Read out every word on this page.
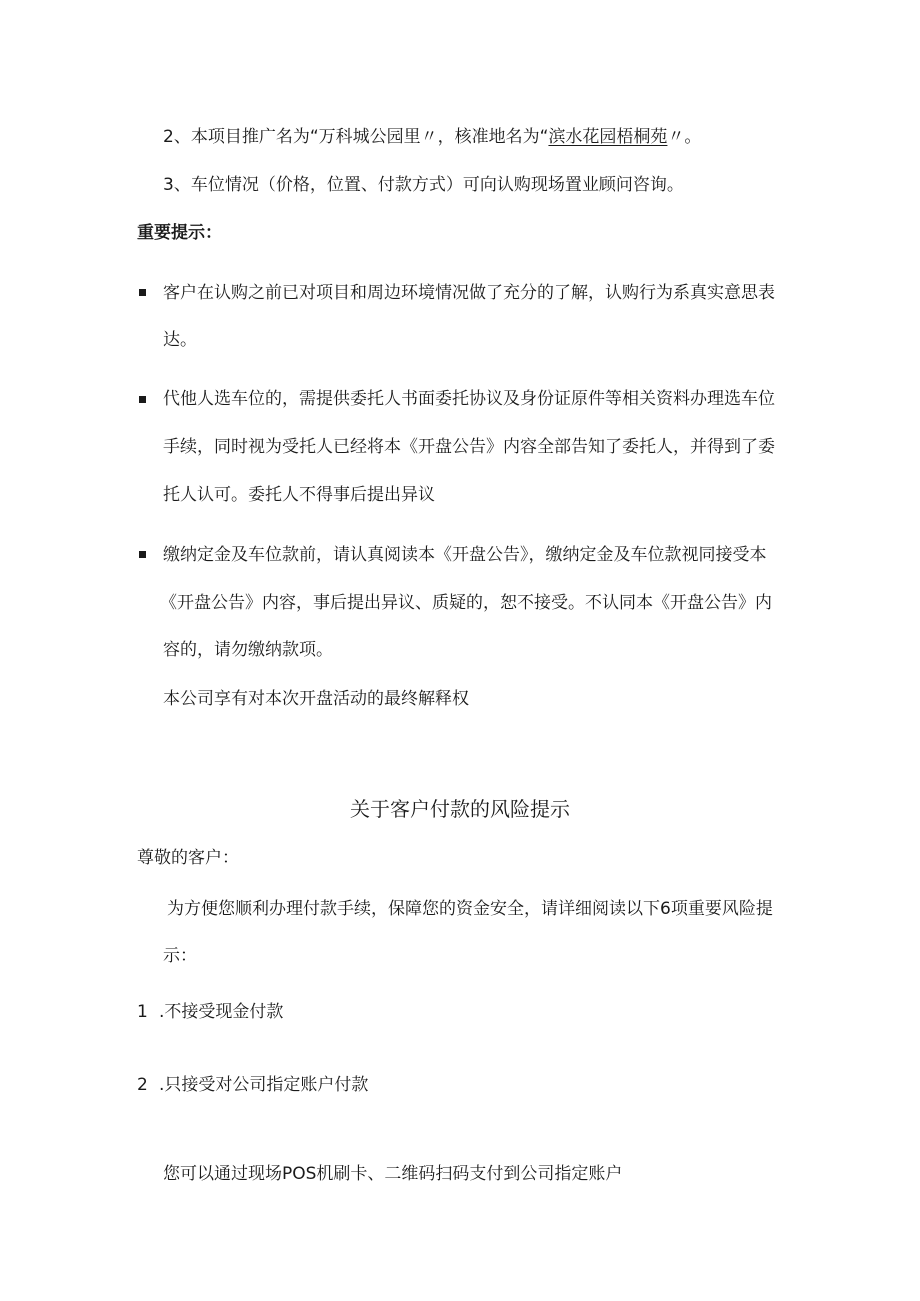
2、本项目推广名为“万科城公园里〃，核准地名为“滨水花园梧桐苑〃。
3、车位情况（价格，位置、付款方式）可向认购现场置业顾问咨询。
重要提示：
客户在认购之前已对项目和周边环境情况做了充分的了解，认购行为系真实意思表
达。
代他人选车位的，需提供委托人书面委托协议及身份证原件等相关资料办理选车位
手续，同时视为受托人已经将本《开盘公告》内容全部告知了委托人，并得到了委
托人认可。委托人不得事后提出异议
缴纳定金及车位款前，请认真阅读本《开盘公告》，缴纳定金及车位款视同接受本
《开盘公告》内容，事后提出异议、质疑的，恕不接受。不认同本《开盘公告》内
容的，请勿缴纳款项。
本公司享有对本次开盘活动的最终解释权
关于客户付款的风险提示
尊敬的客户：
为方便您顺利办理付款手续，保障您的资金安全，请详细阅读以下6项重要风险提
示：
1 .不接受现金付款
2 .只接受对公司指定账户付款
您可以通过现场POS机刷卡、二维码扫码支付到公司指定账户
